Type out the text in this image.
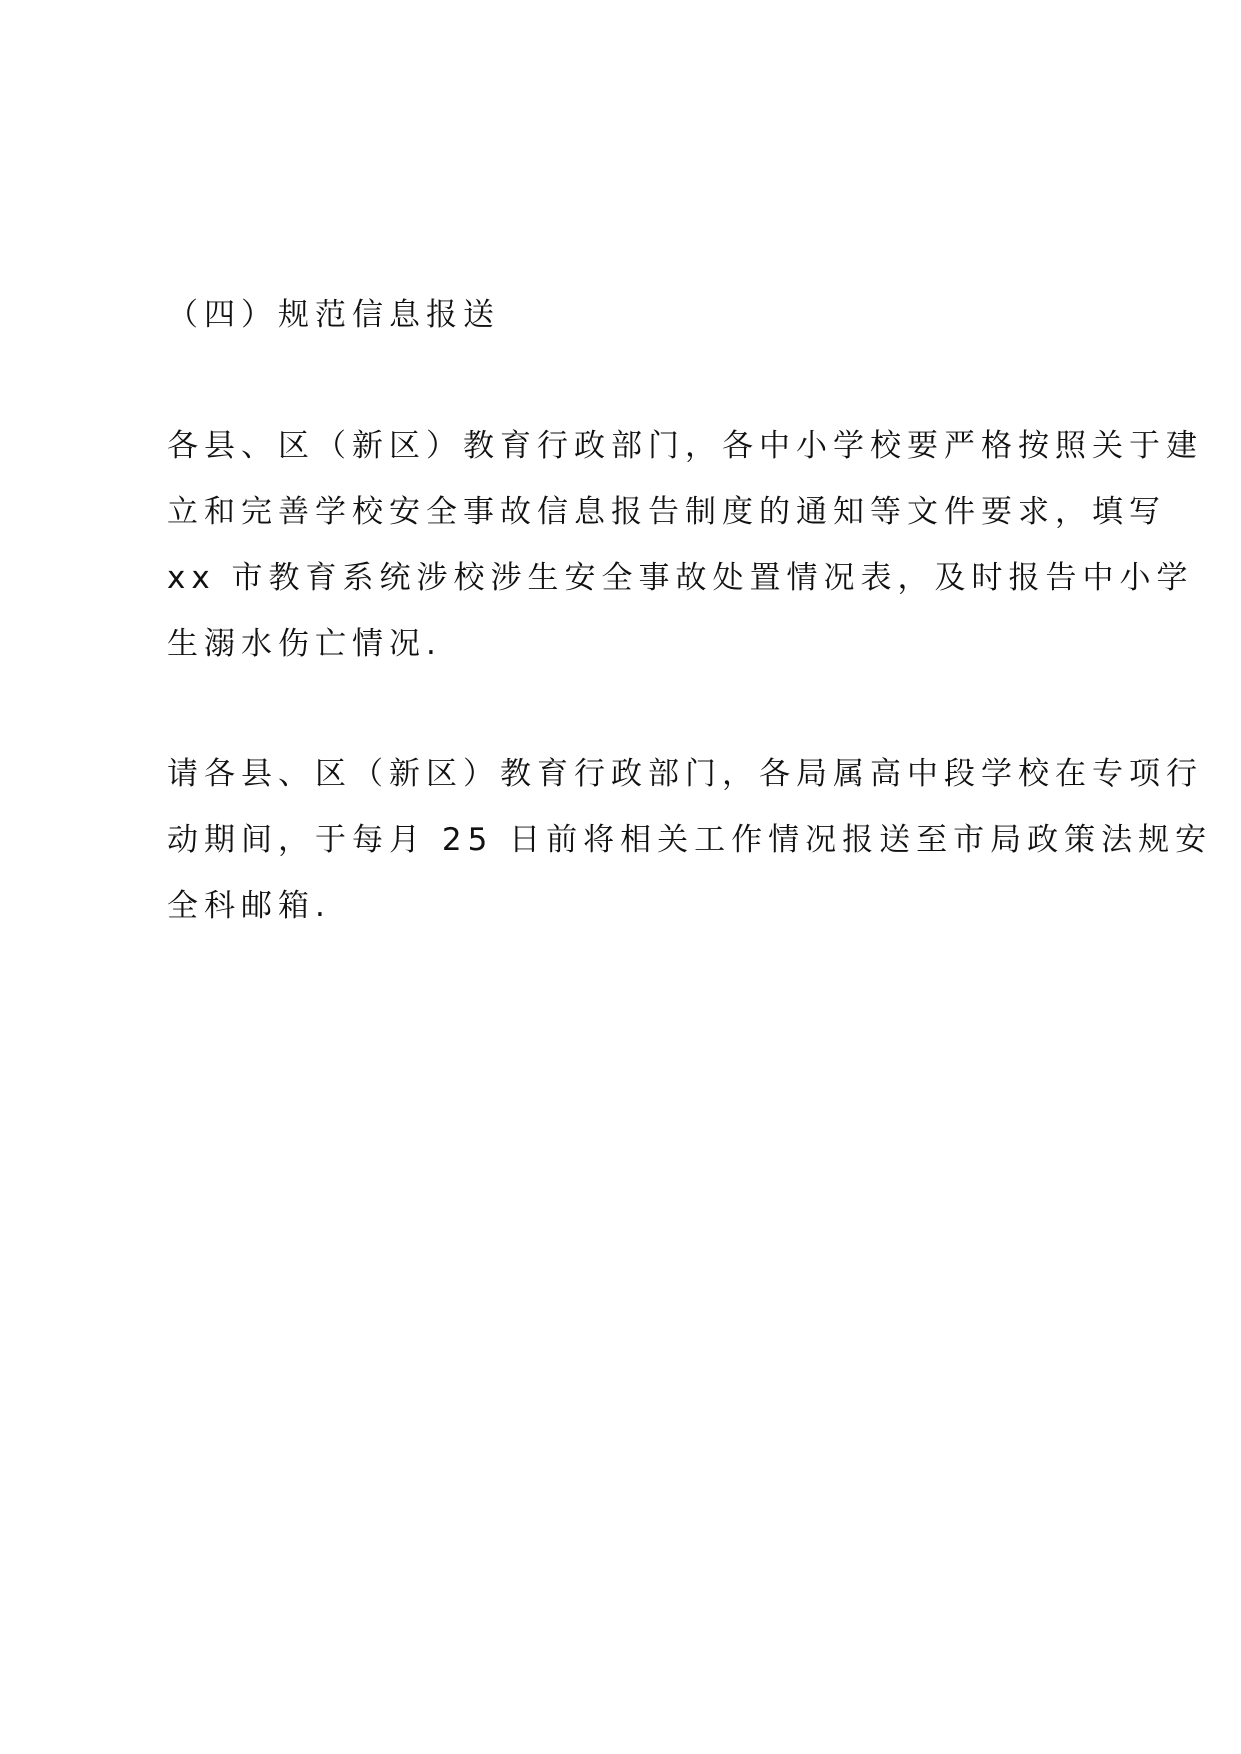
（四）规范信息报送
各县、区（新区）教育行政部门，各中小学校要严格按照关于建
立和完善学校安全事故信息报告制度的通知等文件要求，填写
xx 市教育系统涉校涉生安全事故处置情况表，及时报告中小学
生溺水伤亡情况.
请各县、区（新区）教育行政部门，各局属高中段学校在专项行
动期间，于每月 25 日前将相关工作情况报送至市局政策法规安
全科邮箱.
